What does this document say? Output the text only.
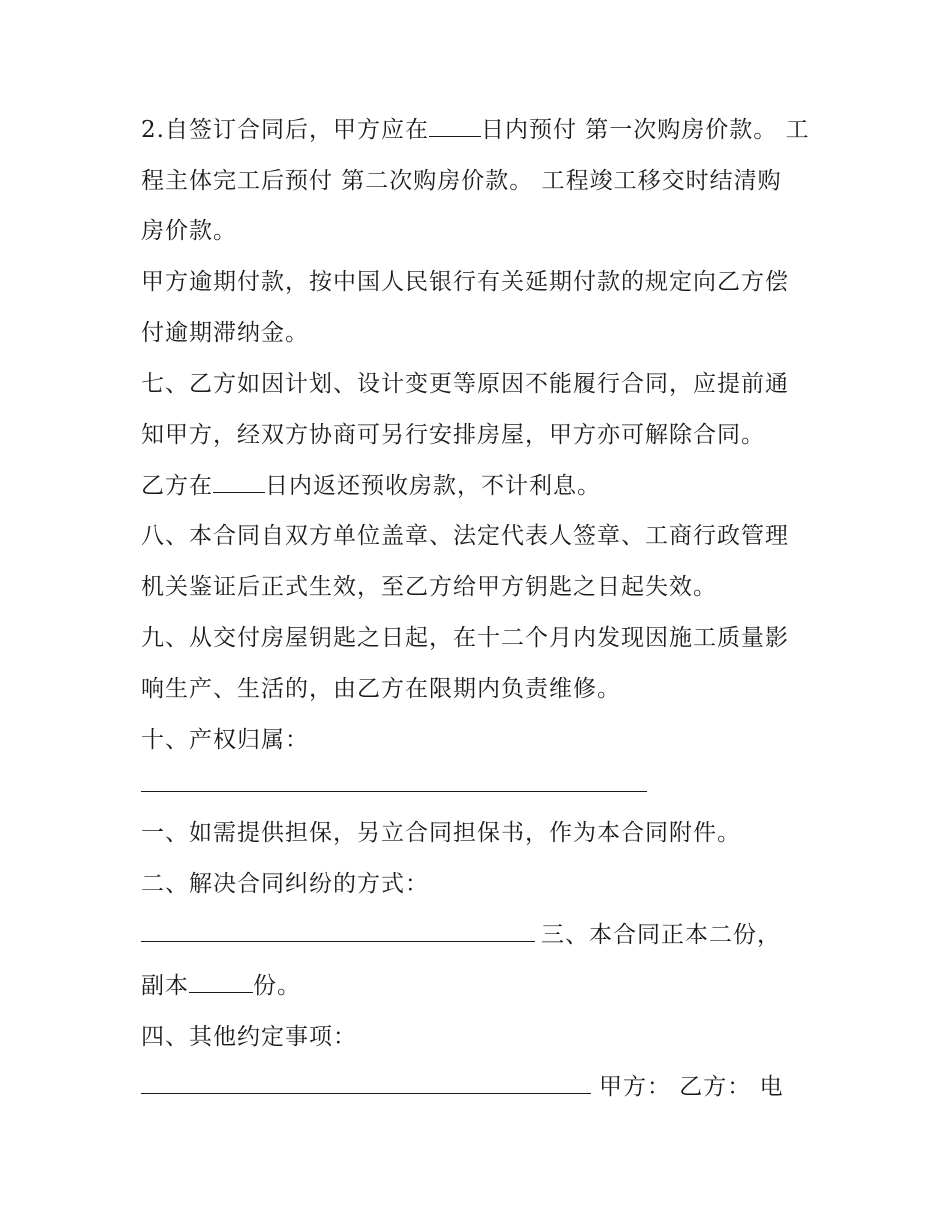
2.自签订合同后，甲方应在 日内预付 第一次购房价款。 工
程主体完工后预付 第二次购房价款。 工程竣工移交时结清购
房价款。
甲方逾期付款，按中国人民银行有关延期付款的规定向乙方偿
付逾期滞纳金。
七、乙方如因计划、设计变更等原因不能履行合同，应提前通
知甲方，经双方协商可另行安排房屋，甲方亦可解除合同。
乙方在 日内返还预收房款，不计利息。
八、本合同自双方单位盖章、法定代表人签章、工商行政管理
机关鉴证后正式生效，至乙方给甲方钥匙之日起失效。
九、从交付房屋钥匙之日起，在十二个月内发现因施工质量影
响生产、生活的，由乙方在限期内负责维修。
十、产权归属：
一、如需提供担保，另立合同担保书，作为本合同附件。
二、解决合同纠纷的方式：
三、本合同正本二份，
副本	份。
四、其他约定事项：
甲方： 乙方： 电
